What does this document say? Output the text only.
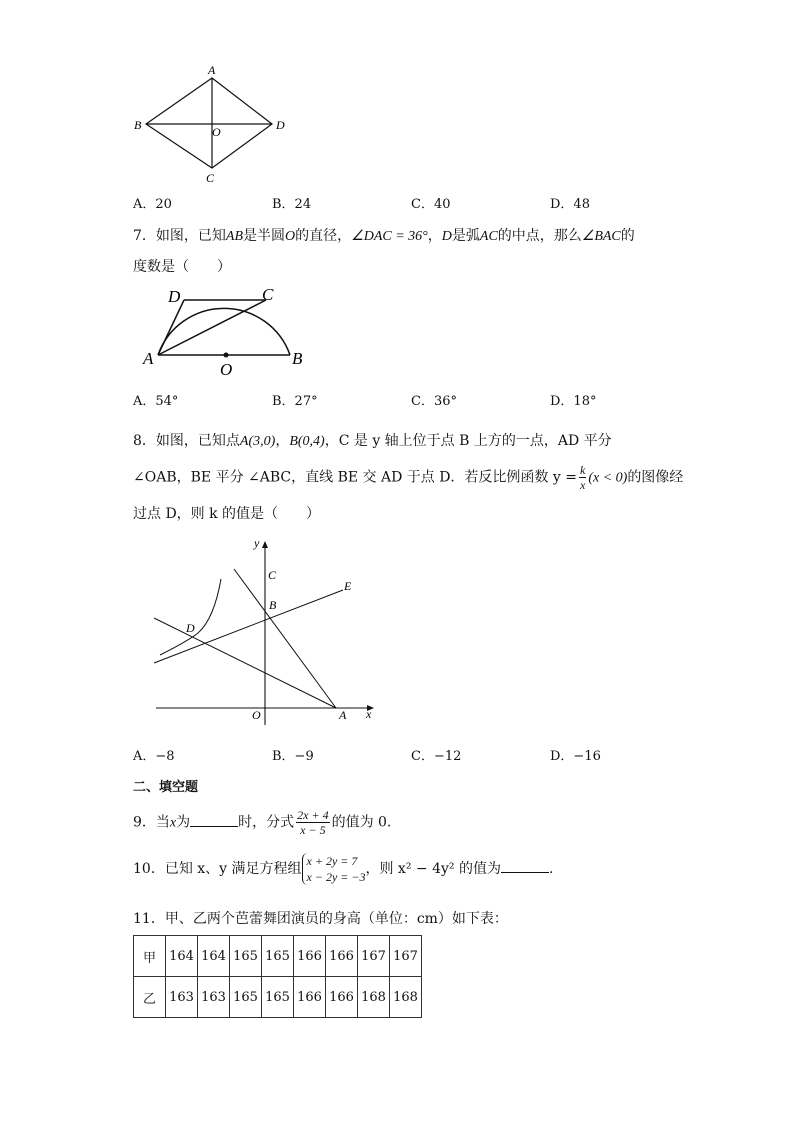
A
B	D
C
O
A．20	B．24	C．40	D．48
7．如图，已知AB是半圆O的直径，∠DAC = 36°，D是弧AC的中点，那么∠BAC的
度数是（　　）
A
D	C
B
O
A．54°	B．27°	C．36°	D．18°
8．如图，已知点A(3,0)，B(0,4)，C 是 y 轴上位于点 B 上方的一点，AD 平分
∠OAB，BE 平分 ∠ABC，直线 BE 交 AD 于点 D．若反比例函数 $y = \frac{k}{x} (x < 0)$的图像经
过点 D，则 k 的值是（　　）
y
x
C
B
E
D
O	A
A．−8	B．−9	C．−12	D．−16
二、填空题
9．当x为	时，分式 $\frac{2x + 4}{x - 5}$ 的值为 0.
10．已知 x、y 满足方程组 x + 2y = 7
x − 2y = −3 ，则 x² − 4y² 的值为	.
11．甲、乙两个芭蕾舞团演员的身高（单位：cm）如下表：
甲	164	164	165	165	166	166	167	167
乙	163	163	165	165	166	166	168	168
